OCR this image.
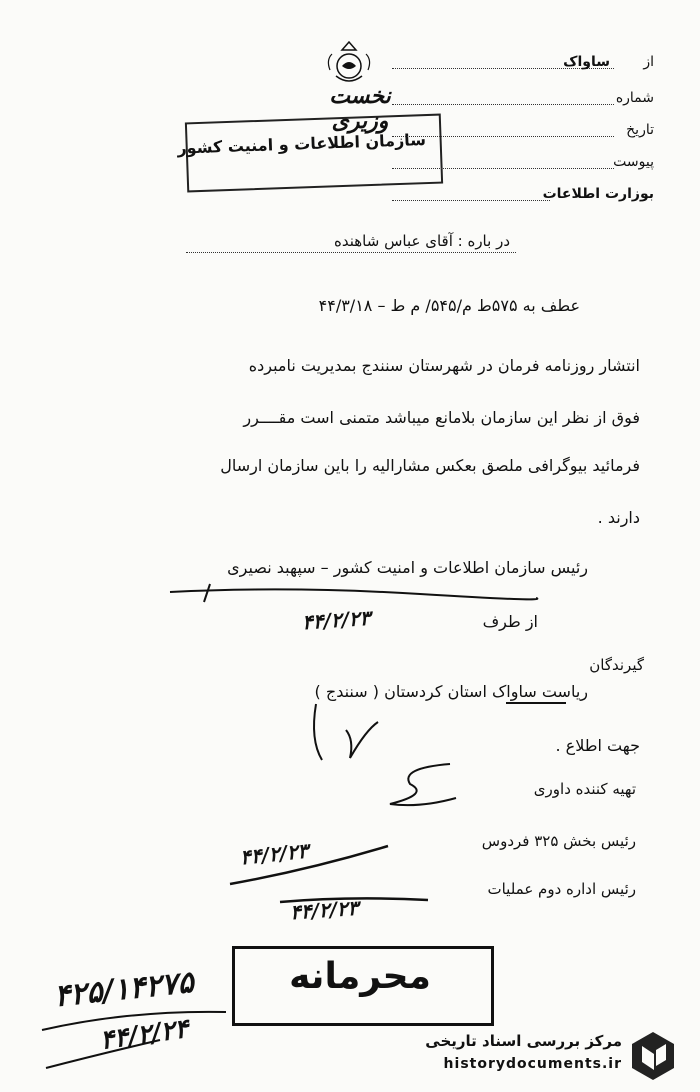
نخست وزیری
سازمان اطلاعات و امنیت کشور
ساواک از
شماره
تاریخ
پیوست
بوزارت اطلاعات
در باره : آقای عباس شاهنده
عطف به ۵۷۵ط م/۵۴۵/ م ط – ۴۴/۳/۱۸
انتشار روزنامه فرمان در شهرستان سنندج بمدیریت نامبرده
فوق از نظر این سازمان بلامانع میباشد متمنی است مقــــرر
فرمائید بیوگرافی ملصق بعکس مشارالیه را باین سازمان ارسال
دارند .
رئیس سازمان اطلاعات و امنیت کشور – سپهبد نصیری
از طرف
۴۴/۲/۲۳
گیرندگان
ریاست ساواک استان کردستان ( سنندج )
جهت اطلاع .
تهیه کننده داوری
رئیس بخش ۳۲۵ فردوس
۴۴/۲/۲۳
رئیس اداره دوم عملیات
۴۴/۲/۲۳
محرمانه
۴۲۵/۱۴۲۷۵
۴۴/۲/۲۴	مرکز بررسی اسناد تاریخی
historydocuments.ir
